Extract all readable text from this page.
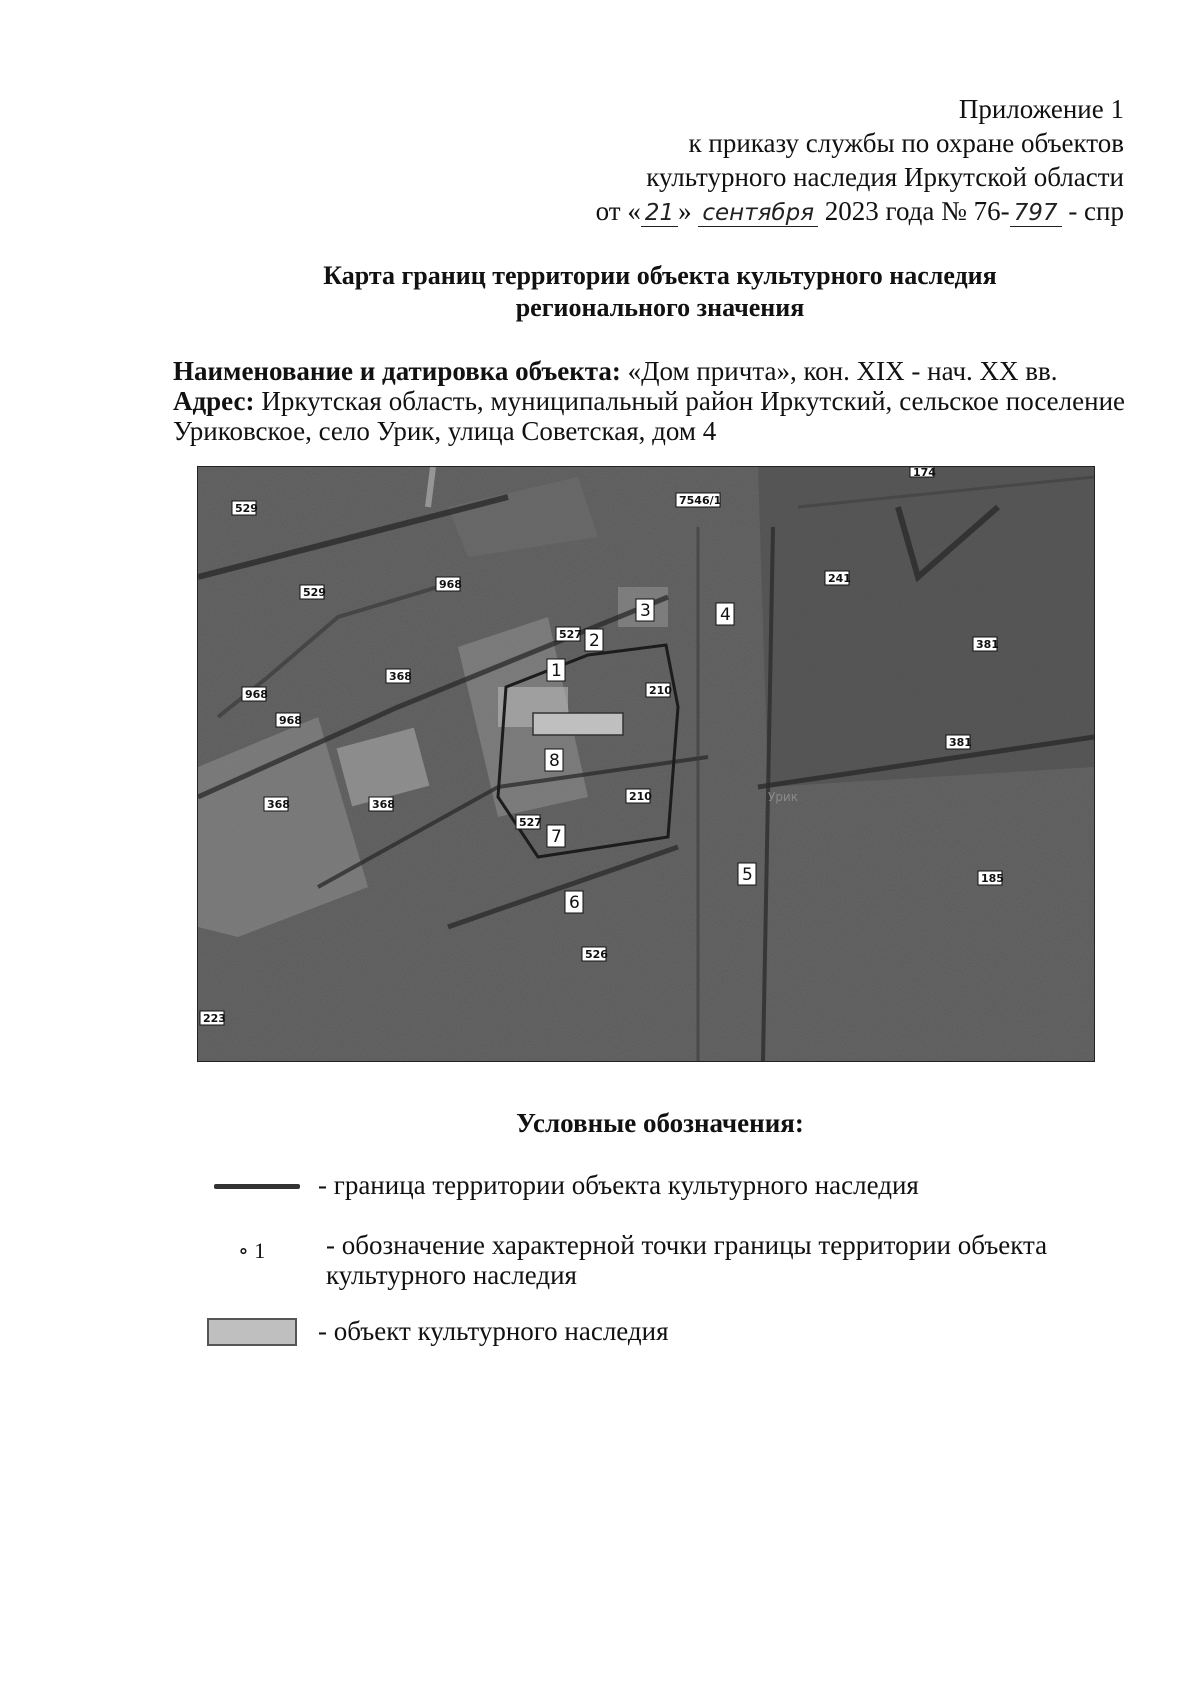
Приложение 1
к приказу службы по охране объектов
культурного наследия Иркутской области
от « 21 » сентября 2023 года № 76- 797 - спр
Карта границ территории объекта культурного наследия
регионального значения
Наименование и датировка объекта: «Дом причта», кон. XIX - нач. XX вв.
Адрес: Иркутская область, муниципальный район Иркутский, сельское поселение Уриковское, село Урик, улица Советская, дом 4
529
529
968
968
968
368
368	368
7546/1
527
527
210
210
526
241
381
381
185
223
174
1
2
3	4
5
6
7
8
Урик
Условные обозначения:
- граница территории объекта культурного наследия
∘ 1 - обозначение характерной точки границы территории объекта культурного наследия
- объект культурного наследия
